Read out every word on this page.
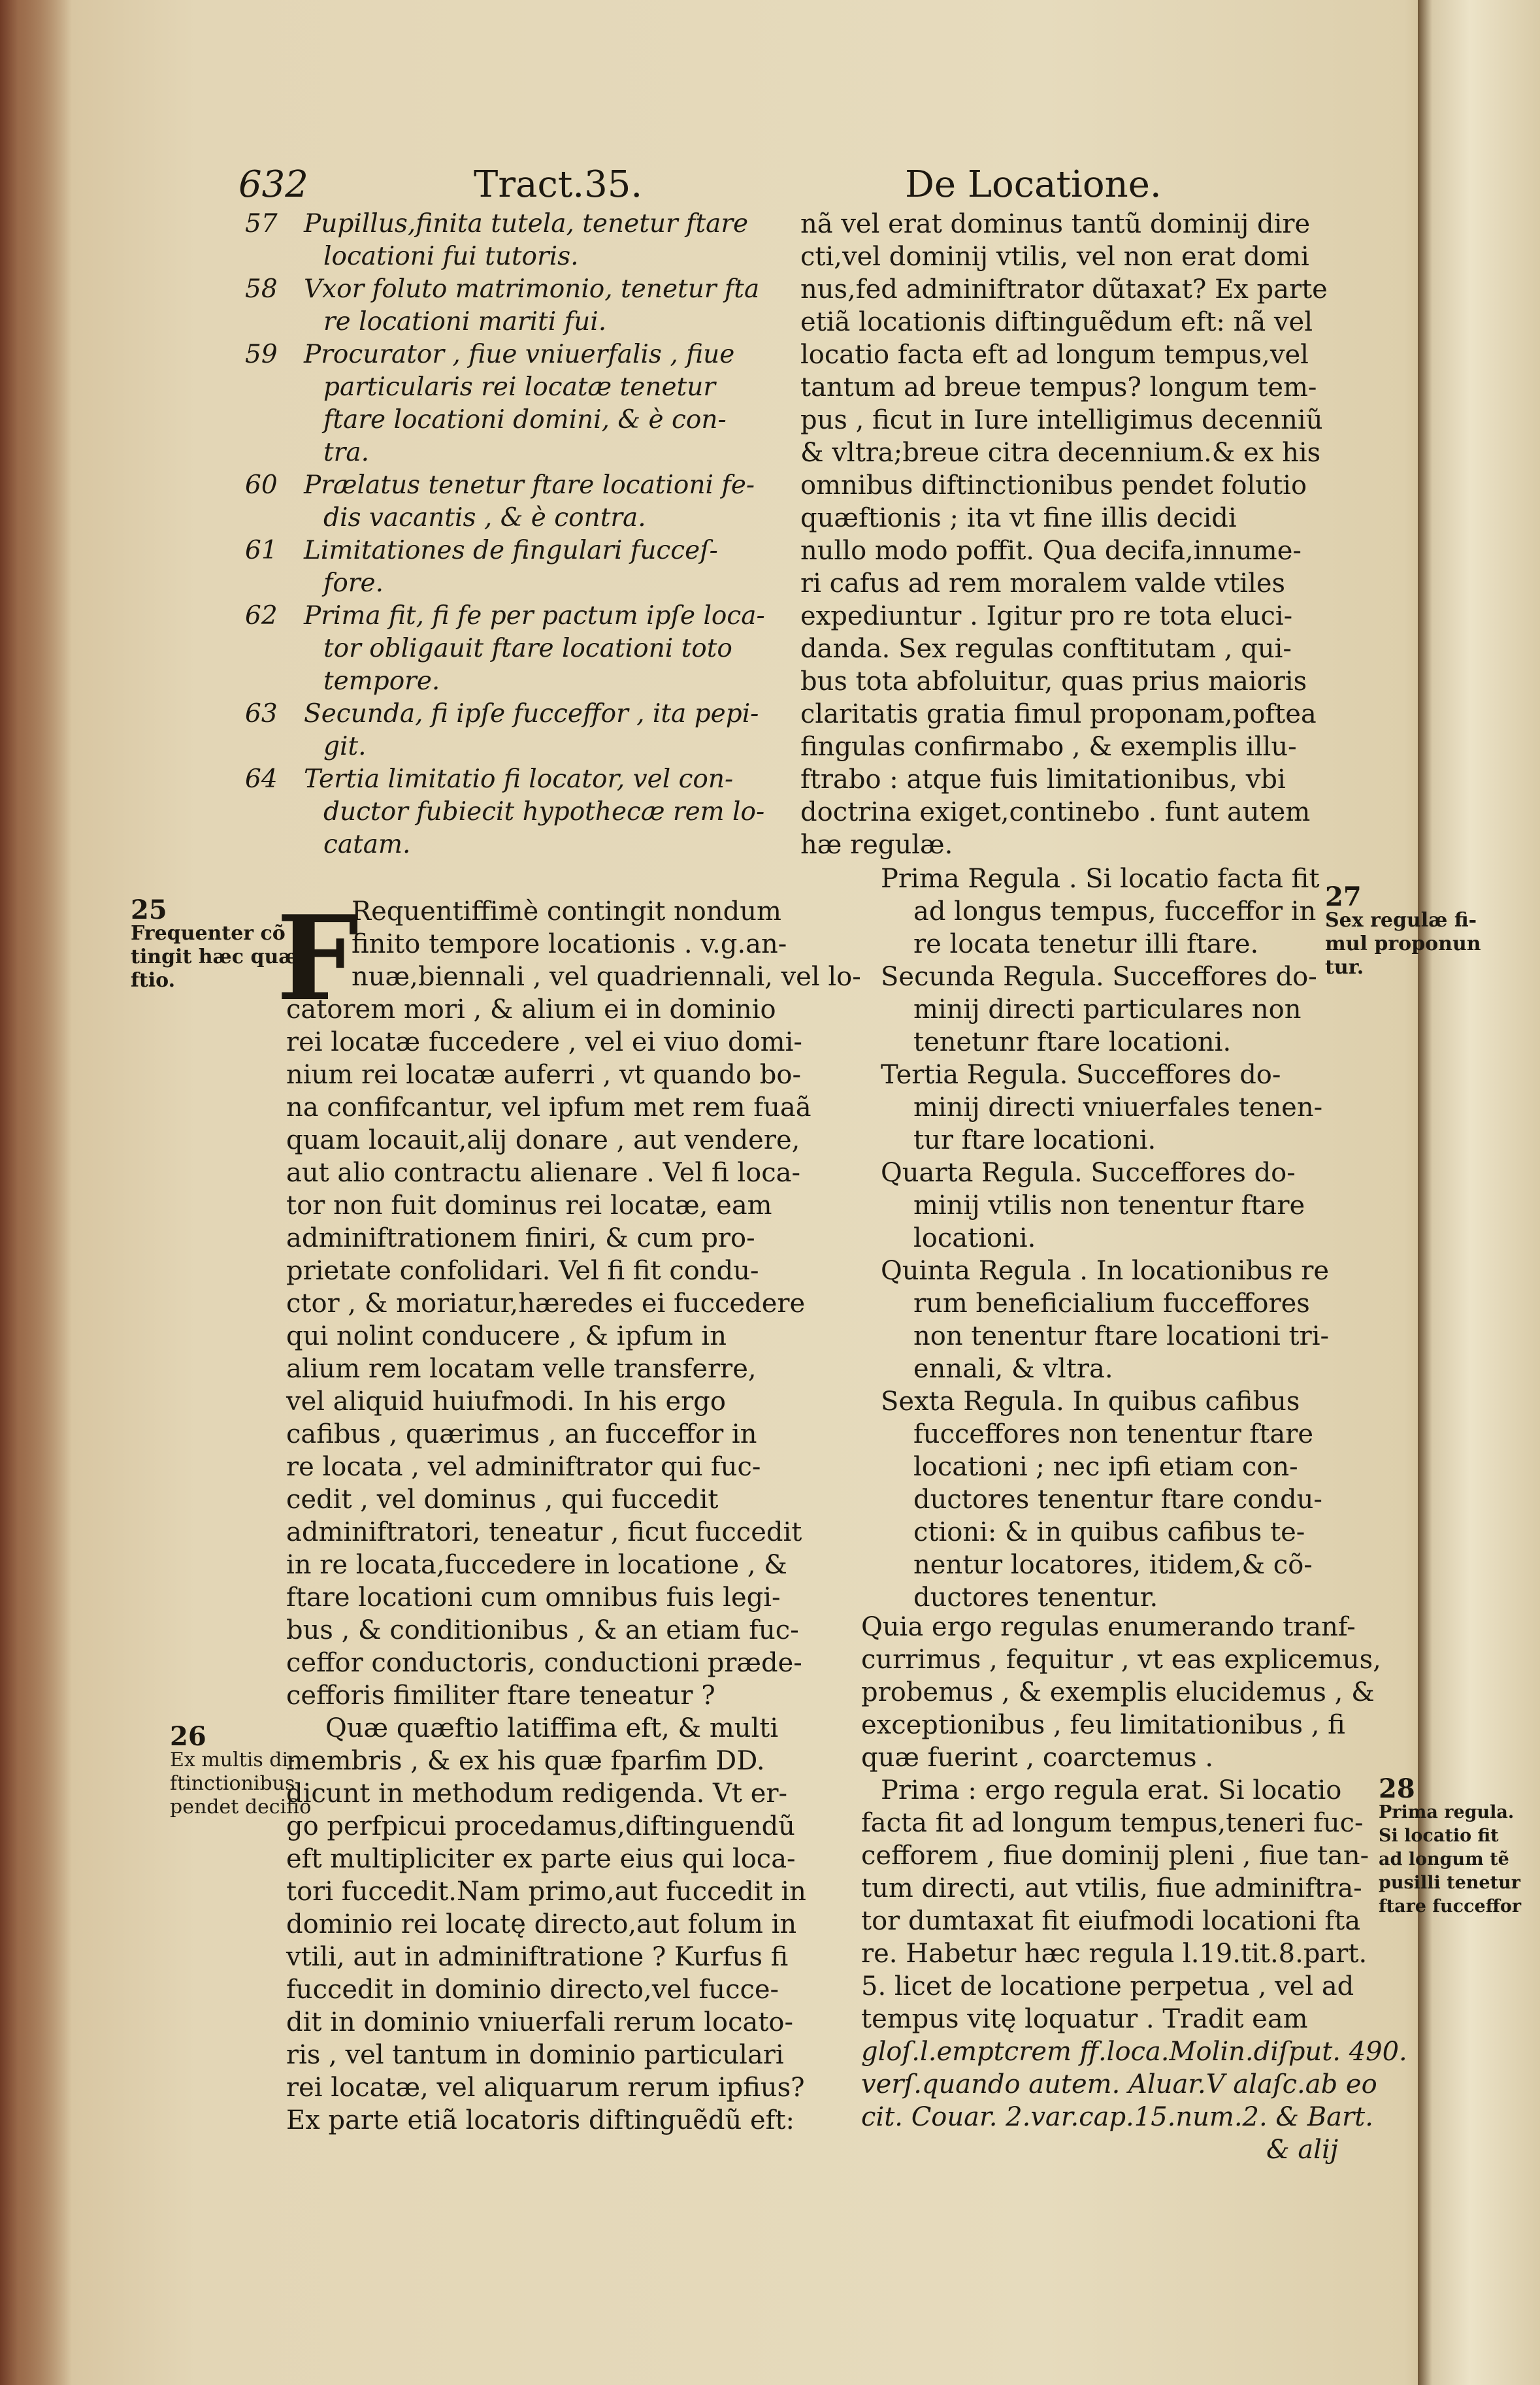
632	Tract.35.	De Locatione.
57 Pupillus,finita tutela, tenetur ftare
locationi fui tutoris.
58 Vxor foluto matrimonio, tenetur fta
re locationi mariti fui.
59 Procurator , fiue vniuerfalis , fiue
particularis rei locatæ tenetur
ftare locationi domini, & è con-
tra.
60 Prælatus tenetur ftare locationi fe-
dis vacantis , & è contra.
61 Limitationes de fingulari fucceſ-
fore.
62 Prima fit, fi fe per pactum ipſe loca-
tor obligauit ftare locationi toto
tempore.
63 Secunda, fi ipſe fucceffor , ita pepi-
git.
64 Tertia limitatio fi locator, vel con-
ductor fubiecit hypothecæ rem lo-
catam.
nã vel erat dominus tantũ dominij dire
cti,vel dominij vtilis, vel non erat domi
nus,fed adminiftrator dũtaxat? Ex parte
etiã locationis diftinguẽdum eft: nã vel
locatio facta eft ad longum tempus,vel
tantum ad breue tempus? longum tem-
pus , ficut in Iure intelligimus decenniũ
& vltra;breue citra decennium.& ex his
omnibus diftinctionibus pendet folutio
quæftionis ; ita vt fine illis decidi
nullo modo poffit. Qua decifa,innume-
ri cafus ad rem moralem valde vtiles
expediuntur . Igitur pro re tota eluci-
danda. Sex regulas conftitutam , qui-
bus tota abfoluitur, quas prius maioris
claritatis gratia fimul proponam,poftea
fingulas confirmabo , & exemplis illu-
ftrabo : atque fuis limitationibus, vbi
doctrina exiget,continebo . funt autem
hæ regulæ.
F
Requentiffimè contingit nondum
finito tempore locationis . v.g.an-
nuæ,biennali , vel quadriennali, vel lo-
catorem mori , & alium ei in dominio
rei locatæ fuccedere , vel ei viuo domi-
nium rei locatæ auferri , vt quando bo-
na confifcantur, vel ipfum met rem fuaã
quam locauit,alij donare , aut vendere,
aut alio contractu alienare . Vel fi loca-
tor non fuit dominus rei locatæ, eam
adminiftrationem finiri, & cum pro-
prietate confolidari. Vel fi fit condu-
ctor , & moriatur,hæredes ei fuccedere
qui nolint conducere , & ipfum in
alium rem locatam velle transferre,
vel aliquid huiufmodi. In his ergo
cafibus , quærimus , an fucceffor in
re locata , vel adminiftrator qui fuc-
cedit , vel dominus , qui fuccedit
adminiftratori, teneatur , ficut fuccedit
in re locata,fuccedere in locatione , &
ftare locationi cum omnibus fuis legi-
bus , & conditionibus , & an etiam fuc-
ceffor conductoris, conductioni præde-
cefforis fimiliter ftare teneatur ?
Quæ quæftio latiffima eft, & multi
membris , & ex his quæ fparfim DD.
dicunt in methodum redigenda. Vt er-
go perfpicui procedamus,diftinguendũ
eft multipliciter ex parte eius qui loca-
tori fuccedit.Nam primo,aut fuccedit in
dominio rei locatę directo,aut folum in
vtili, aut in adminiftratione ? Kurfus fi
fuccedit in dominio directo,vel fucce-
dit in dominio vniuerfali rerum locato-
ris , vel tantum in dominio particulari
rei locatæ, vel aliquarum rerum ipfius?
Ex parte etiã locatoris diftinguẽdũ eft:
Prima Regula . Si locatio facta fit
ad longus tempus, fucceffor in
re locata tenetur illi ftare.
Secunda Regula. Succeffores do-
minij directi particulares non
tenetunr ftare locationi.
Tertia Regula. Succeffores do-
minij directi vniuerfales tenen-
tur ftare locationi.
Quarta Regula. Succeffores do-
minij vtilis non tenentur ftare
locationi.
Quinta Regula . In locationibus re
rum beneficialium fucceffores
non tenentur ftare locationi tri-
ennali, & vltra.
Sexta Regula. In quibus cafibus
fucceffores non tenentur ftare
locationi ; nec ipfi etiam con-
ductores tenentur ftare condu-
ctioni: & in quibus cafibus te-
nentur locatores, itidem,& cõ-
ductores tenentur.
Quia ergo regulas enumerando tranf-
currimus , fequitur , vt eas explicemus,
probemus , & exemplis elucidemus , &
exceptionibus , feu limitationibus , fi
quæ fuerint , coarctemus .
Prima : ergo regula erat. Si locatio
facta fit ad longum tempus,teneri fuc-
cefforem , fiue dominij pleni , fiue tan-
tum directi, aut vtilis, fiue adminiftra-
tor dumtaxat fit eiufmodi locationi fta
re. Habetur hæc regula l.19.tit.8.part.
5. licet de locatione perpetua , vel ad
tempus vitę loquatur . Tradit eam
gloſ.l.emptcrem ff.loca.Molin.diſput. 490.
verſ.quando autem. Aluar.V alaſc.ab eo
cit. Couar. 2.var.cap.15.num.2. & Bart.
& alij
25
Frequenter cõ
tingit hæc quæ
ftio.
26
Ex multis di-
ftinctionibus
pendet decifio
27
Sex regulæ fi-
mul proponun
tur.
28
Prima regula.
Si locatio fit
ad longum tẽ
pusilli tenetur
ftare fucceffor
